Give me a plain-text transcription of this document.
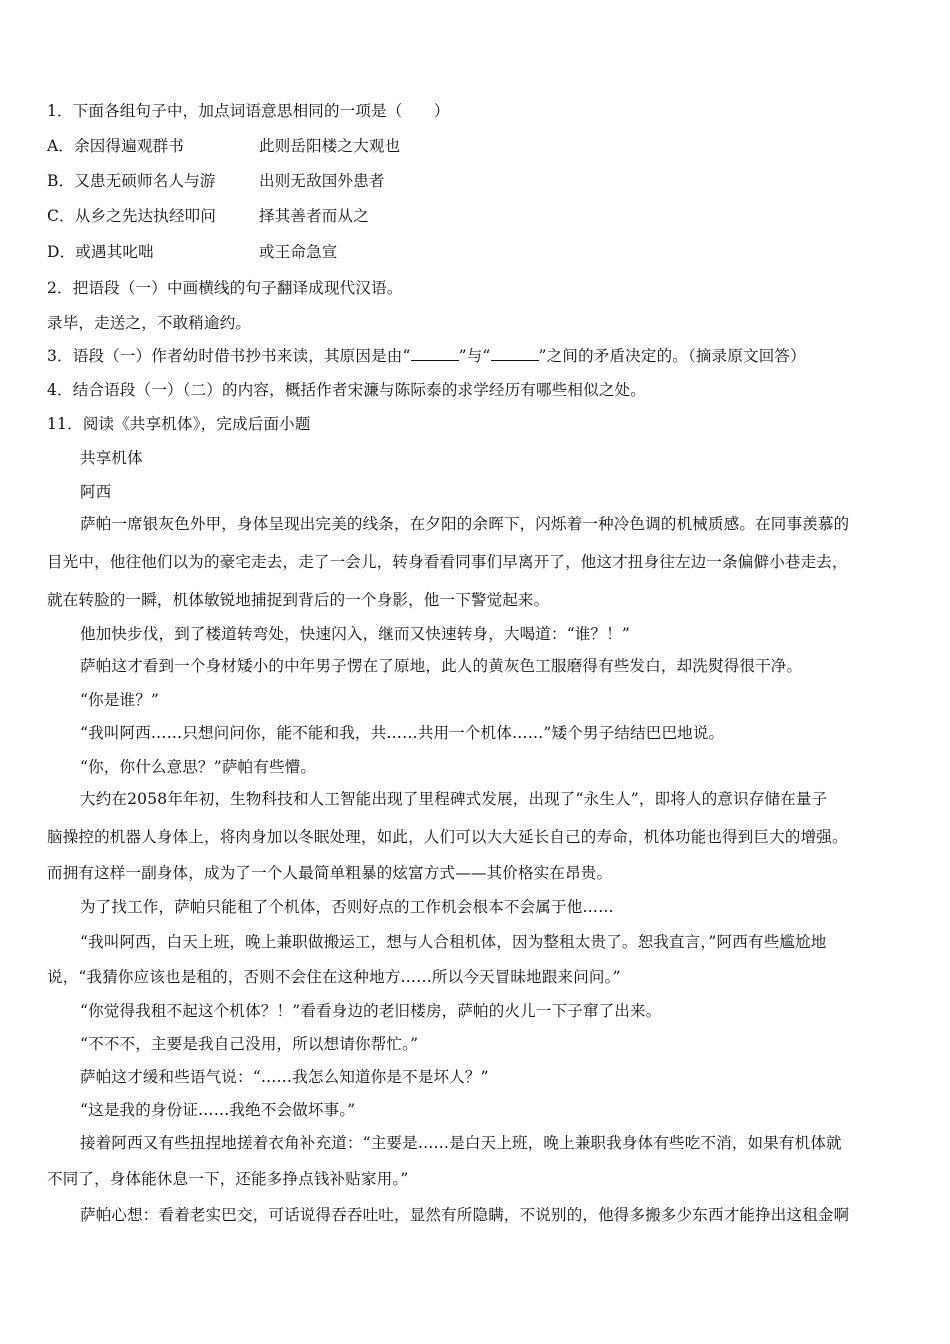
1．下面各组句子中，加点词语意思相同的一项是（　　）
A．余因得遍观群书	此则岳阳楼之大观也
B．又患无硕师名人与游	出则无敌国外患者
C．从乡之先达执经叩问	择其善者而从之
D．或遇其叱咄	或王命急宣
2．把语段（一）中画横线的句子翻译成现代汉语。
录毕，走送之，不敢稍逾约。
3．语段（一）作者幼时借书抄书来读，其原因是由“	”与“	”之间的矛盾决定的。（摘录原文回答）
4．结合语段（一）（二）的内容，概括作者宋濂与陈际泰的求学经历有哪些相似之处。
11．阅读《共享机体》，完成后面小题
共享机体
阿西
萨帕一席银灰色外甲，身体呈现出完美的线条，在夕阳的余晖下，闪烁着一种冷色调的机械质感。在同事羡慕的
目光中，他往他们以为的豪宅走去，走了一会儿，转身看看同事们早离开了，他这才扭身往左边一条偏僻小巷走去，
就在转脸的一瞬，机体敏锐地捕捉到背后的一个身影，他一下警觉起来。
他加快步伐，到了楼道转弯处，快速闪入，继而又快速转身，大喝道：“谁？！”
萨帕这才看到一个身材矮小的中年男子愣在了原地，此人的黄灰色工服磨得有些发白，却洗熨得很干净。
“你是谁？”
“我叫阿西……只想问问你，能不能和我，共……共用一个机体……”矮个男子结结巴巴地说。
“你，你什么意思？”萨帕有些懵。
大约在2058年年初，生物科技和人工智能出现了里程碑式发展，出现了“永生人”，即将人的意识存储在量子
脑操控的机器人身体上，将肉身加以冬眠处理，如此，人们可以大大延长自己的寿命，机体功能也得到巨大的增强。
而拥有这样一副身体，成为了一个人最简单粗暴的炫富方式——其价格实在昂贵。
为了找工作，萨帕只能租了个机体，否则好点的工作机会根本不会属于他……
“我叫阿西，白天上班，晚上兼职做搬运工，想与人合租机体，因为整租太贵了。恕我直言，”阿西有些尴尬地
说，“我猜你应该也是租的，否则不会住在这种地方……所以今天冒昧地跟来问问。”
“你觉得我租不起这个机体？！”看看身边的老旧楼房，萨帕的火儿一下子窜了出来。
“不不不，主要是我自己没用，所以想请你帮忙。”
萨帕这才缓和些语气说：“……我怎么知道你是不是坏人？”
“这是我的身份证……我绝不会做坏事。”
接着阿西又有些扭捏地搓着衣角补充道：“主要是……是白天上班，晚上兼职我身体有些吃不消，如果有机体就
不同了，身体能休息一下，还能多挣点钱补贴家用。”
萨帕心想：看着老实巴交，可话说得吞吞吐吐，显然有所隐瞒，不说别的，他得多搬多少东西才能挣出这租金啊
